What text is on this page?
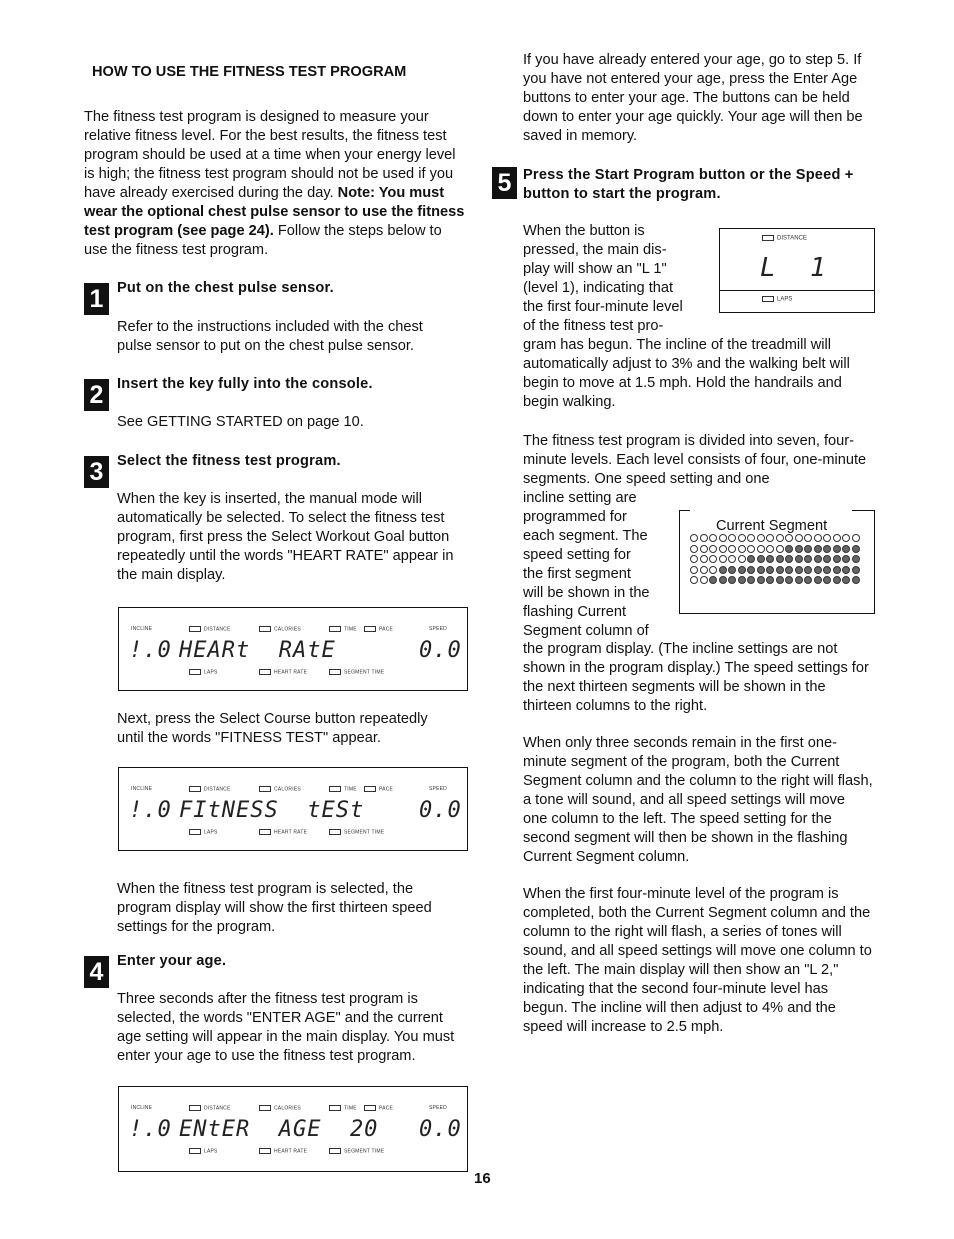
HOW TO USE THE FITNESS TEST PROGRAM

The fitness test program is designed to measure your relative fitness level. For the best results, the fitness test program should be used at a time when your energy level is high; the fitness test program should not be used if you have already exercised during the day. Note: You must wear the optional chest pulse sensor to use the fitness test program (see page 24). Follow the steps below to use the fitness test program.

1 Put on the chest pulse sensor.

Refer to the instructions included with the chest pulse sensor to put on the chest pulse sensor.

2 Insert the key fully into the console.

See GETTING STARTED on page 10.

3 Select the fitness test program.

When the key is inserted, the manual mode will automatically be selected. To select the fitness test program, first press the Select Workout Goal button repeatedly until the words "HEART RATE" appear in the main display.

INCLINE	DISTANCE	CALORIES	TIME	PACE	SPEED
!.0 HEARt  RAtE	0.0
LAPS	HEART RATE	SEGMENT TIME

Next, press the Select Course button repeatedly until the words "FITNESS TEST" appear.

INCLINE	DISTANCE	CALORIES	TIME	PACE	SPEED
!.0 FItNESS  tESt	0.0
LAPS	HEART RATE	SEGMENT TIME

When the fitness test program is selected, the program display will show the first thirteen speed settings for the program.

4 Enter your age.

Three seconds after the fitness test program is selected, the words "ENTER AGE" and the current age setting will appear in the main display. You must enter your age to use the fitness test program.

INCLINE	DISTANCE	CALORIES	TIME	PACE	SPEED
!.0 ENtER  AGE  20	0.0
LAPS	HEART RATE	SEGMENT TIME
16

If you have already entered your age, go to step 5. If you have not entered your age, press the Enter Age buttons to enter your age. The buttons can be held down to enter your age quickly. Your age will then be saved in memory.

5 Press the Start Program button or the Speed + button to start the program.
When the button is
pressed, the main dis-
play will show an "L 1"
(level 1), indicating that
the first four-minute level
of the fitness test pro-

gram has begun. The incline of the treadmill will automatically adjust to 3% and the walking belt will begin to move at 1.5 mph. Hold the handrails and begin walking.

DISTANCE
L  1
LAPS

The fitness test program is divided into seven, four-minute levels. Each level consists of four, one-minute segments. One speed setting and one

incline setting are
programmed for
each segment. The
speed setting for
the first segment
will be shown in the
flashing Current
Segment column of
Current Segment

the program display. (The incline settings are not shown in the program display.) The speed settings for the next thirteen segments will be shown in the thirteen columns to the right.

When only three seconds remain in the first one-minute segment of the program, both the Current Segment column and the column to the right will flash, a tone will sound, and all speed settings will move one column to the left. The speed setting for the second segment will then be shown in the flashing Current Segment column.

When the first four-minute level of the program is completed, both the Current Segment column and the column to the right will flash, a series of tones will sound, and all speed settings will move one column to the left. The main display will then show an "L 2," indicating that the second four-minute level has begun. The incline will then adjust to 4% and the speed will increase to 2.5 mph.
